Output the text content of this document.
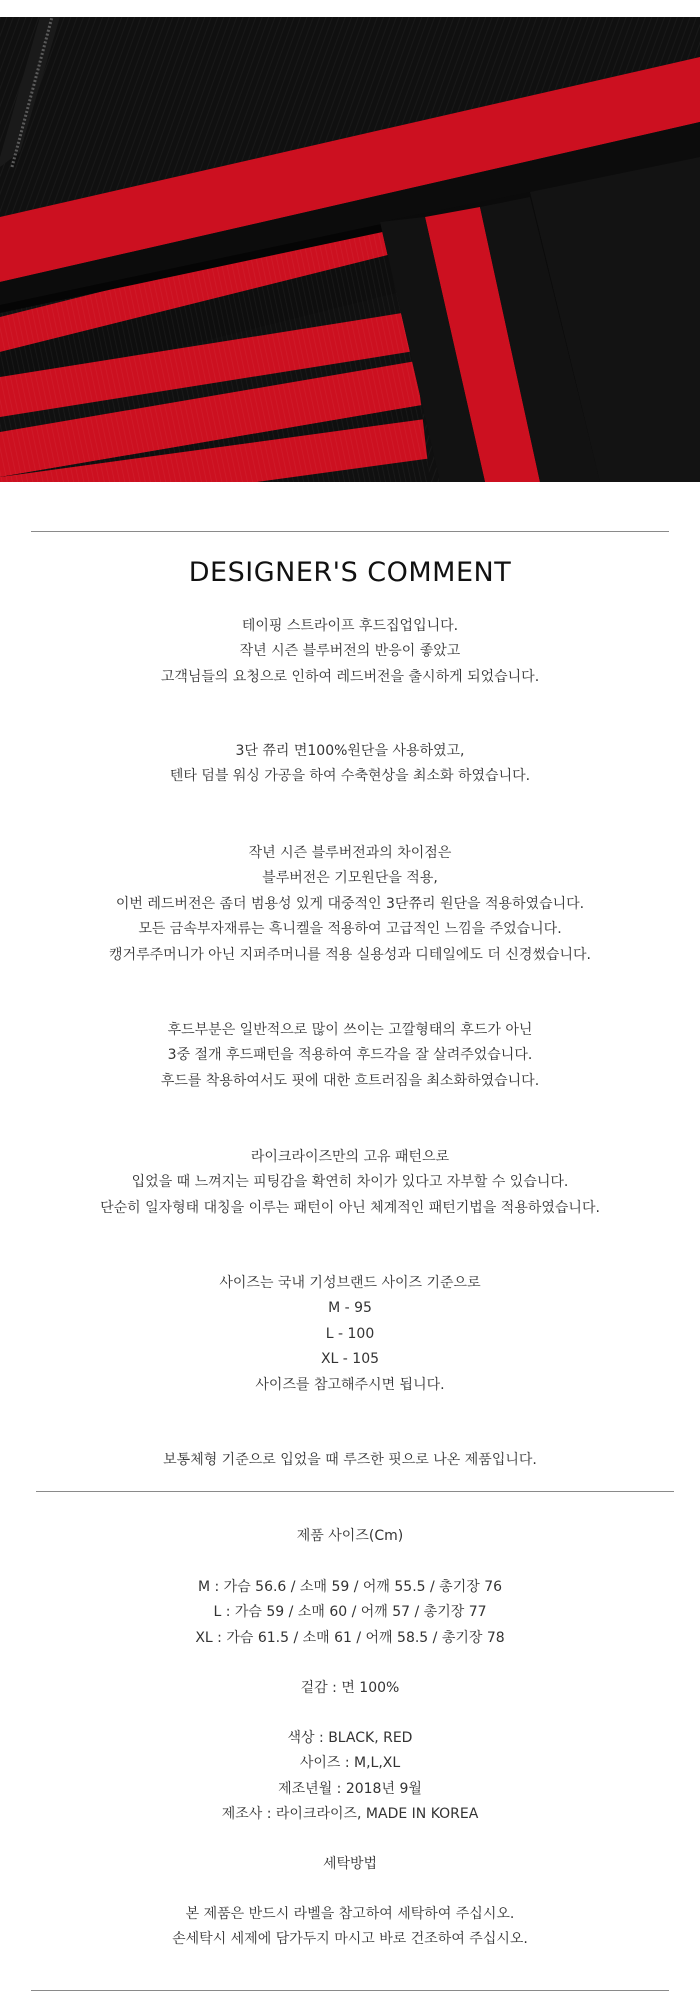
DESIGNER'S COMMENT
테이핑 스트라이프 후드집업입니다.
작년 시즌 블루버전의 반응이 좋았고
고객님들의 요청으로 인하여 레드버전을 출시하게 되었습니다.
3단 쮸리 면100%원단을 사용하였고,
텐타 덤블 워싱 가공을 하여 수축현상을 최소화 하였습니다.
작년 시즌 블루버전과의 차이점은
블루버전은 기모원단을 적용,
이번 레드버전은 좀더 범용성 있게 대중적인 3단쮸리 원단을 적용하였습니다.
모든 금속부자재류는 흑니켈을 적용하여 고급적인 느낌을 주었습니다.
캥거루주머니가 아닌 지퍼주머니를 적용 실용성과 디테일에도 더 신경썼습니다.
후드부분은 일반적으로 많이 쓰이는 고깔형태의 후드가 아닌
3중 절개 후드패턴을 적용하여 후드각을 잘 살려주었습니다.
후드를 착용하여서도 핏에 대한 흐트러짐을 최소화하였습니다.
라이크라이즈만의 고유 패턴으로
입었을 때 느껴지는 피팅감을 확연히 차이가 있다고 자부할 수 있습니다.
단순히 일자형태 대칭을 이루는 패턴이 아닌 체계적인 패턴기법을 적용하였습니다.
사이즈는 국내 기성브랜드 사이즈 기준으로
M - 95
L - 100
XL - 105
사이즈를 참고해주시면 됩니다.
보통체형 기준으로 입었을 때 루즈한 핏으로 나온 제품입니다.
제품 사이즈(Cm)
M : 가슴 56.6 / 소매 59 / 어깨 55.5 / 총기장 76
L : 가슴 59 / 소매 60 / 어깨 57 / 총기장 77
XL : 가슴 61.5 / 소매 61 / 어깨 58.5 / 총기장 78
겉감 : 면 100%
색상 : BLACK, RED
사이즈 : M,L,XL
제조년월 : 2018년 9월
제조사 : 라이크라이즈, MADE IN KOREA
세탁방법
본 제품은 반드시 라벨을 참고하여 세탁하여 주십시오.
손세탁시 세제에 담가두지 마시고 바로 건조하여 주십시오.
